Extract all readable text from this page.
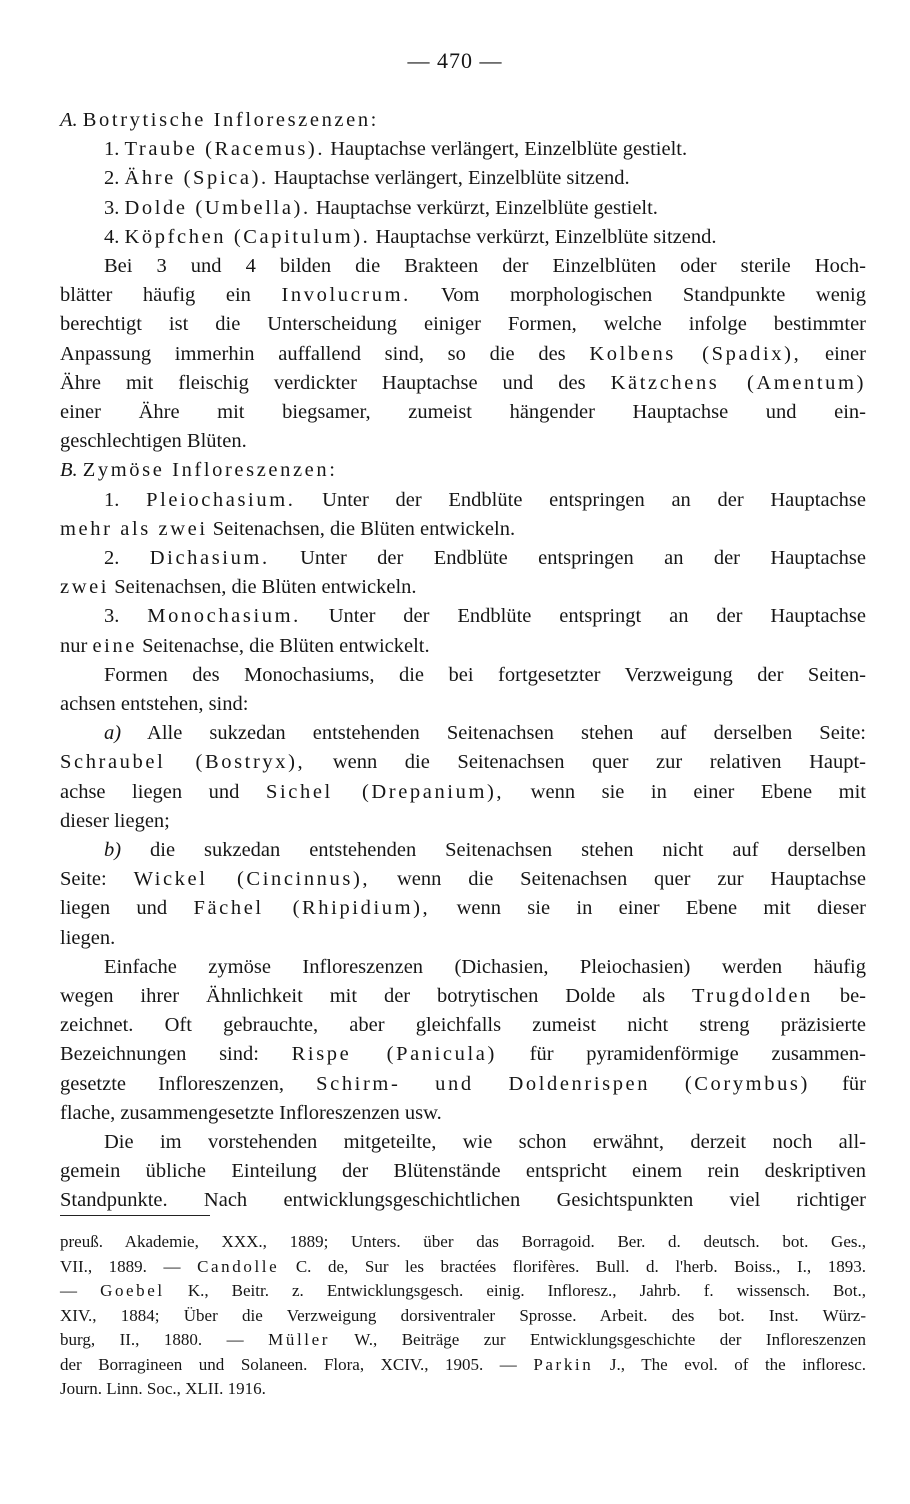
— 470 —
A. Botrytische Infloreszenzen:
1. Traube (Racemus). Hauptachse verlängert, Einzelblüte gestielt.
2. Ähre (Spica). Hauptachse verlängert, Einzelblüte sitzend.
3. Dolde (Umbella). Hauptachse verkürzt, Einzelblüte gestielt.
4. Köpfchen (Capitulum). Hauptachse verkürzt, Einzelblüte sitzend.
Bei 3 und 4 bilden die Brakteen der Einzelblüten oder sterile Hoch-
blätter häufig ein Involucrum. Vom morphologischen Standpunkte wenig
berechtigt ist die Unterscheidung einiger Formen, welche infolge bestimmter
Anpassung immerhin auffallend sind, so die des Kolbens (Spadix), einer
Ähre mit fleischig verdickter Hauptachse und des Kätzchens (Amentum)
einer Ähre mit biegsamer, zumeist hängender Hauptachse und ein-
geschlechtigen Blüten.
B. Zymöse Infloreszenzen:
1. Pleiochasium. Unter der Endblüte entspringen an der Hauptachse
mehr als zwei Seitenachsen, die Blüten entwickeln.
2. Dichasium. Unter der Endblüte entspringen an der Hauptachse
zwei Seitenachsen, die Blüten entwickeln.
3. Monochasium. Unter der Endblüte entspringt an der Hauptachse
nur eine Seitenachse, die Blüten entwickelt.
Formen des Monochasiums, die bei fortgesetzter Verzweigung der Seiten-
achsen entstehen, sind:
a) Alle sukzedan entstehenden Seitenachsen stehen auf derselben Seite:
Schraubel (Bostryx), wenn die Seitenachsen quer zur relativen Haupt-
achse liegen und Sichel (Drepanium), wenn sie in einer Ebene mit
dieser liegen;
b) die sukzedan entstehenden Seitenachsen stehen nicht auf derselben
Seite: Wickel (Cincinnus), wenn die Seitenachsen quer zur Hauptachse
liegen und Fächel (Rhipidium), wenn sie in einer Ebene mit dieser
liegen.
Einfache zymöse Infloreszenzen (Dichasien, Pleiochasien) werden häufig
wegen ihrer Ähnlichkeit mit der botrytischen Dolde als Trugdolden be-
zeichnet. Oft gebrauchte, aber gleichfalls zumeist nicht streng präzisierte
Bezeichnungen sind: Rispe (Panicula) für pyramidenförmige zusammen-
gesetzte Infloreszenzen, Schirm- und Doldenrispen (Corymbus) für
flache, zusammengesetzte Infloreszenzen usw.
Die im vorstehenden mitgeteilte, wie schon erwähnt, derzeit noch all-
gemein übliche Einteilung der Blütenstände entspricht einem rein deskriptiven
Standpunkte. Nach entwicklungsgeschichtlichen Gesichtspunkten viel richtiger
preuß. Akademie, XXX., 1889; Unters. über das Borragoid. Ber. d. deutsch. bot. Ges.,
VII., 1889. — Candolle C. de, Sur les bractées florifères. Bull. d. l'herb. Boiss., I., 1893.
— Goebel K., Beitr. z. Entwicklungsgesch. einig. Infloresz., Jahrb. f. wissensch. Bot.,
XIV., 1884; Über die Verzweigung dorsiventraler Sprosse. Arbeit. des bot. Inst. Würz-
burg, II., 1880. — Müller W., Beiträge zur Entwicklungsgeschichte der Infloreszenzen
der Borragineen und Solaneen. Flora, XCIV., 1905. — Parkin J., The evol. of the infloresc.
Journ. Linn. Soc., XLII. 1916.
